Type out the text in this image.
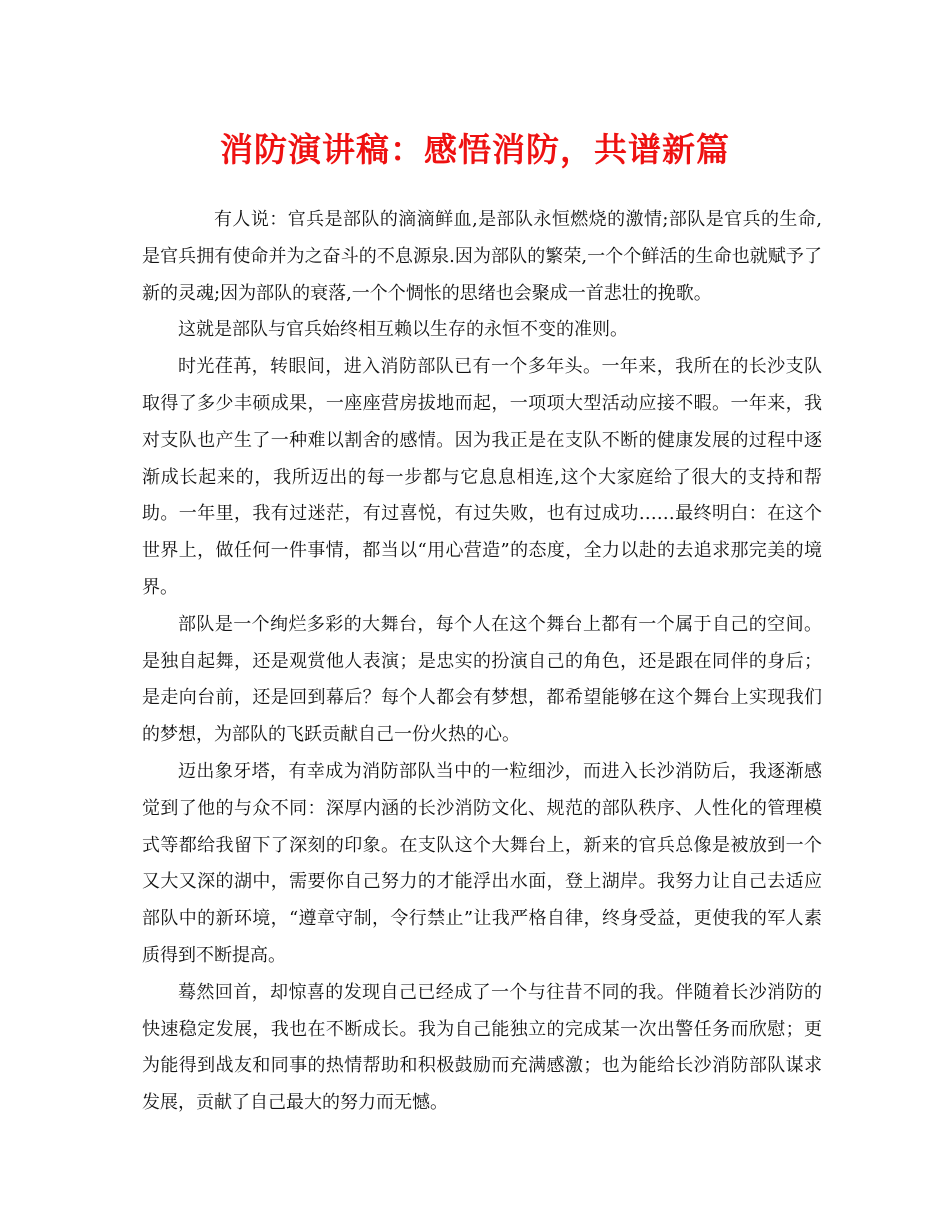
消防演讲稿：感悟消防，共谱新篇

有人说：官兵是部队的滴滴鲜血,是部队永恒燃烧的激情;部队是官兵的生命,是官兵拥有使命并为之奋斗的不息源泉.因为部队的繁荣,一个个鲜活的生命也就赋予了新的灵魂;因为部队的衰落,一个个惆怅的思绪也会聚成一首悲壮的挽歌。

这就是部队与官兵始终相互赖以生存的永恒不变的准则。

时光荏苒，转眼间，进入消防部队已有一个多年头。一年来，我所在的长沙支队取得了多少丰硕成果，一座座营房拔地而起，一项项大型活动应接不暇。一年来，我对支队也产生了一种难以割舍的感情。因为我正是在支队不断的健康发展的过程中逐渐成长起来的，我所迈出的每一步都与它息息相连,这个大家庭给了很大的支持和帮助。一年里，我有过迷茫，有过喜悦，有过失败，也有过成功……最终明白：在这个世界上，做任何一件事情，都当以“用心营造”的态度，全力以赴的去追求那完美的境界。

部队是一个绚烂多彩的大舞台，每个人在这个舞台上都有一个属于自己的空间。是独自起舞，还是观赏他人表演；是忠实的扮演自己的角色，还是跟在同伴的身后；是走向台前，还是回到幕后？每个人都会有梦想，都希望能够在这个舞台上实现我们的梦想，为部队的飞跃贡献自己一份火热的心。

迈出象牙塔，有幸成为消防部队当中的一粒细沙，而进入长沙消防后，我逐渐感觉到了他的与众不同：深厚内涵的长沙消防文化、规范的部队秩序、人性化的管理模式等都给我留下了深刻的印象。在支队这个大舞台上，新来的官兵总像是被放到一个又大又深的湖中，需要你自己努力的才能浮出水面，登上湖岸。我努力让自己去适应部队中的新环境，“遵章守制，令行禁止”让我严格自律，终身受益，更使我的军人素质得到不断提高。

蓦然回首，却惊喜的发现自己已经成了一个与往昔不同的我。伴随着长沙消防的快速稳定发展，我也在不断成长。我为自己能独立的完成某一次出警任务而欣慰；更为能得到战友和同事的热情帮助和积极鼓励而充满感激；也为能给长沙消防部队谋求发展，贡献了自己最大的努力而无憾。
